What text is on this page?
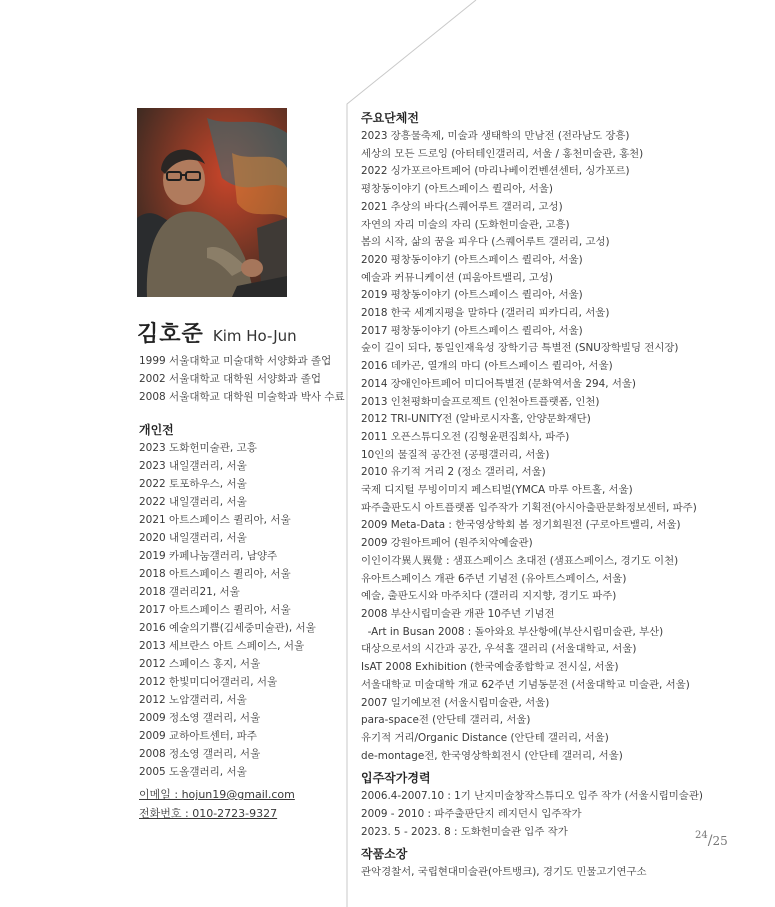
김호준 Kim Ho-Jun
1999 서울대학교 미술대학 서양화과 졸업
2002 서울대학교 대학원 서양화과 졸업
2008 서울대학교 대학원 미술학과 박사 수료
개인전
2023 도화헌미술관, 고흥
2023 내일갤러리, 서울
2022 토포하우스, 서울
2022 내일갤러리, 서울
2021 아트스페이스 퀼리아, 서울
2020 내일갤러리, 서울
2019 카페나눔갤러리, 남양주
2018 아트스페이스 퀼리아, 서울
2018 갤러리21, 서울
2017 아트스페이스 퀼리아, 서울
2016 예술의기쁨(김세중미술관), 서울
2013 세브란스 아트 스페이스, 서울
2012 스페이스 홍지, 서울
2012 한빛미디어갤러리, 서울
2012 노암갤러리, 서울
2009 정소영 갤러리, 서울
2009 교하아트센터, 파주
2008 정소영 갤러리, 서울
2005 도올갤러리, 서울
이메일 : hojun19@gmail.com
전화번호 : 010-2723-9327
주요단체전
2023 장흥물축제, 미술과 생태학의 만남전 (전라남도 장흥)
세상의 모든 드로잉 (아터테인갤러리, 서울 / 홍천미술관, 홍천)
2022 싱가포르아트페어 (마리나베이컨벤션센터, 싱가포르)
평창동이야기 (아트스페이스 퀼리아, 서울)
2021 추상의 바다(스퀘어루트 갤러리, 고성)
자연의 자리 미술의 자리 (도화헌미술관, 고흥)
봄의 시작, 삶의 꿈을 피우다 (스퀘어루트 갤러리, 고성)
2020 평창동이야기 (아트스페이스 퀼리아, 서울)
예술과 커뮤니케이션 (피움아트밸리, 고성)
2019 평창동이야기 (아트스페이스 퀼리아, 서울)
2018 한국 세계지평을 말하다 (갤러리 피카디리, 서울)
2017 평창동이야기 (아트스페이스 퀼리아, 서울)
숲이 길이 되다, 통일인재육성 장학기금 특별전 (SNU장학빌딩 전시장)
2016 데카곤, 열개의 마디 (아트스페이스 퀼리아, 서울)
2014 장애인아트페어 미디어특별전 (문화역서울 294, 서울)
2013 인천평화미술프로젝트 (인천아트플랫폼, 인천)
2012 TRI-UNITY전 (알바로시자홀, 안양문화재단)
2011 오픈스튜디오전 (김형윤편집회사, 파주)
10인의 물질적 공간전 (공평갤러리, 서울)
2010 유기적 거리 2 (정소 갤러리, 서울)
국제 디지털 무빙이미지 페스티벌(YMCA 마루 아트홀, 서울)
파주출판도시 아트플랫폼 입주작가 기획전(아시아출판문화정보센터, 파주)
2009 Meta-Data : 한국영상학회 봄 정기회원전 (구로아트밸리, 서울)
2009 강원아트페어 (원주치악예술관)
이인이각異人異覺 : 샘표스페이스 초대전 (샘표스페이스, 경기도 이천)
유아트스페이스 개관 6주년 기념전 (유아트스페이스, 서울)
예술, 출판도시와 마주치다 (갤러리 지지향, 경기도 파주)
2008 부산시립미술관 개관 10주년 기념전
-Art in Busan 2008 : 돌아와요 부산항에(부산시립미술관, 부산)
대상으로서의 시간과 공간, 우석홀 갤러리 (서울대학교, 서울)
IsAT 2008 Exhibition (한국예술종합학교 전시실, 서울)
서울대학교 미술대학 개교 62주년 기념동문전 (서울대학교 미술관, 서울)
2007 일기예보전 (서울시립미술관, 서울)
para-space전 (안단테 갤러리, 서울)
유기적 거리/Organic Distance (안단테 갤러리, 서울)
de-montage전, 한국영상학회전시 (안단테 갤러리, 서울)
입주작가경력
2006.4-2007.10 : 1기 난지미술창작스튜디오 입주 작가 (서울시립미술관)
2009 - 2010 : 파주출판단지 레지던시 입주작가
2023. 5 - 2023. 8 : 도화헌미술관 입주 작가
작품소장
관악경찰서, 국립현대미술관(아트뱅크), 경기도 민물고기연구소
$^{24}$/25
